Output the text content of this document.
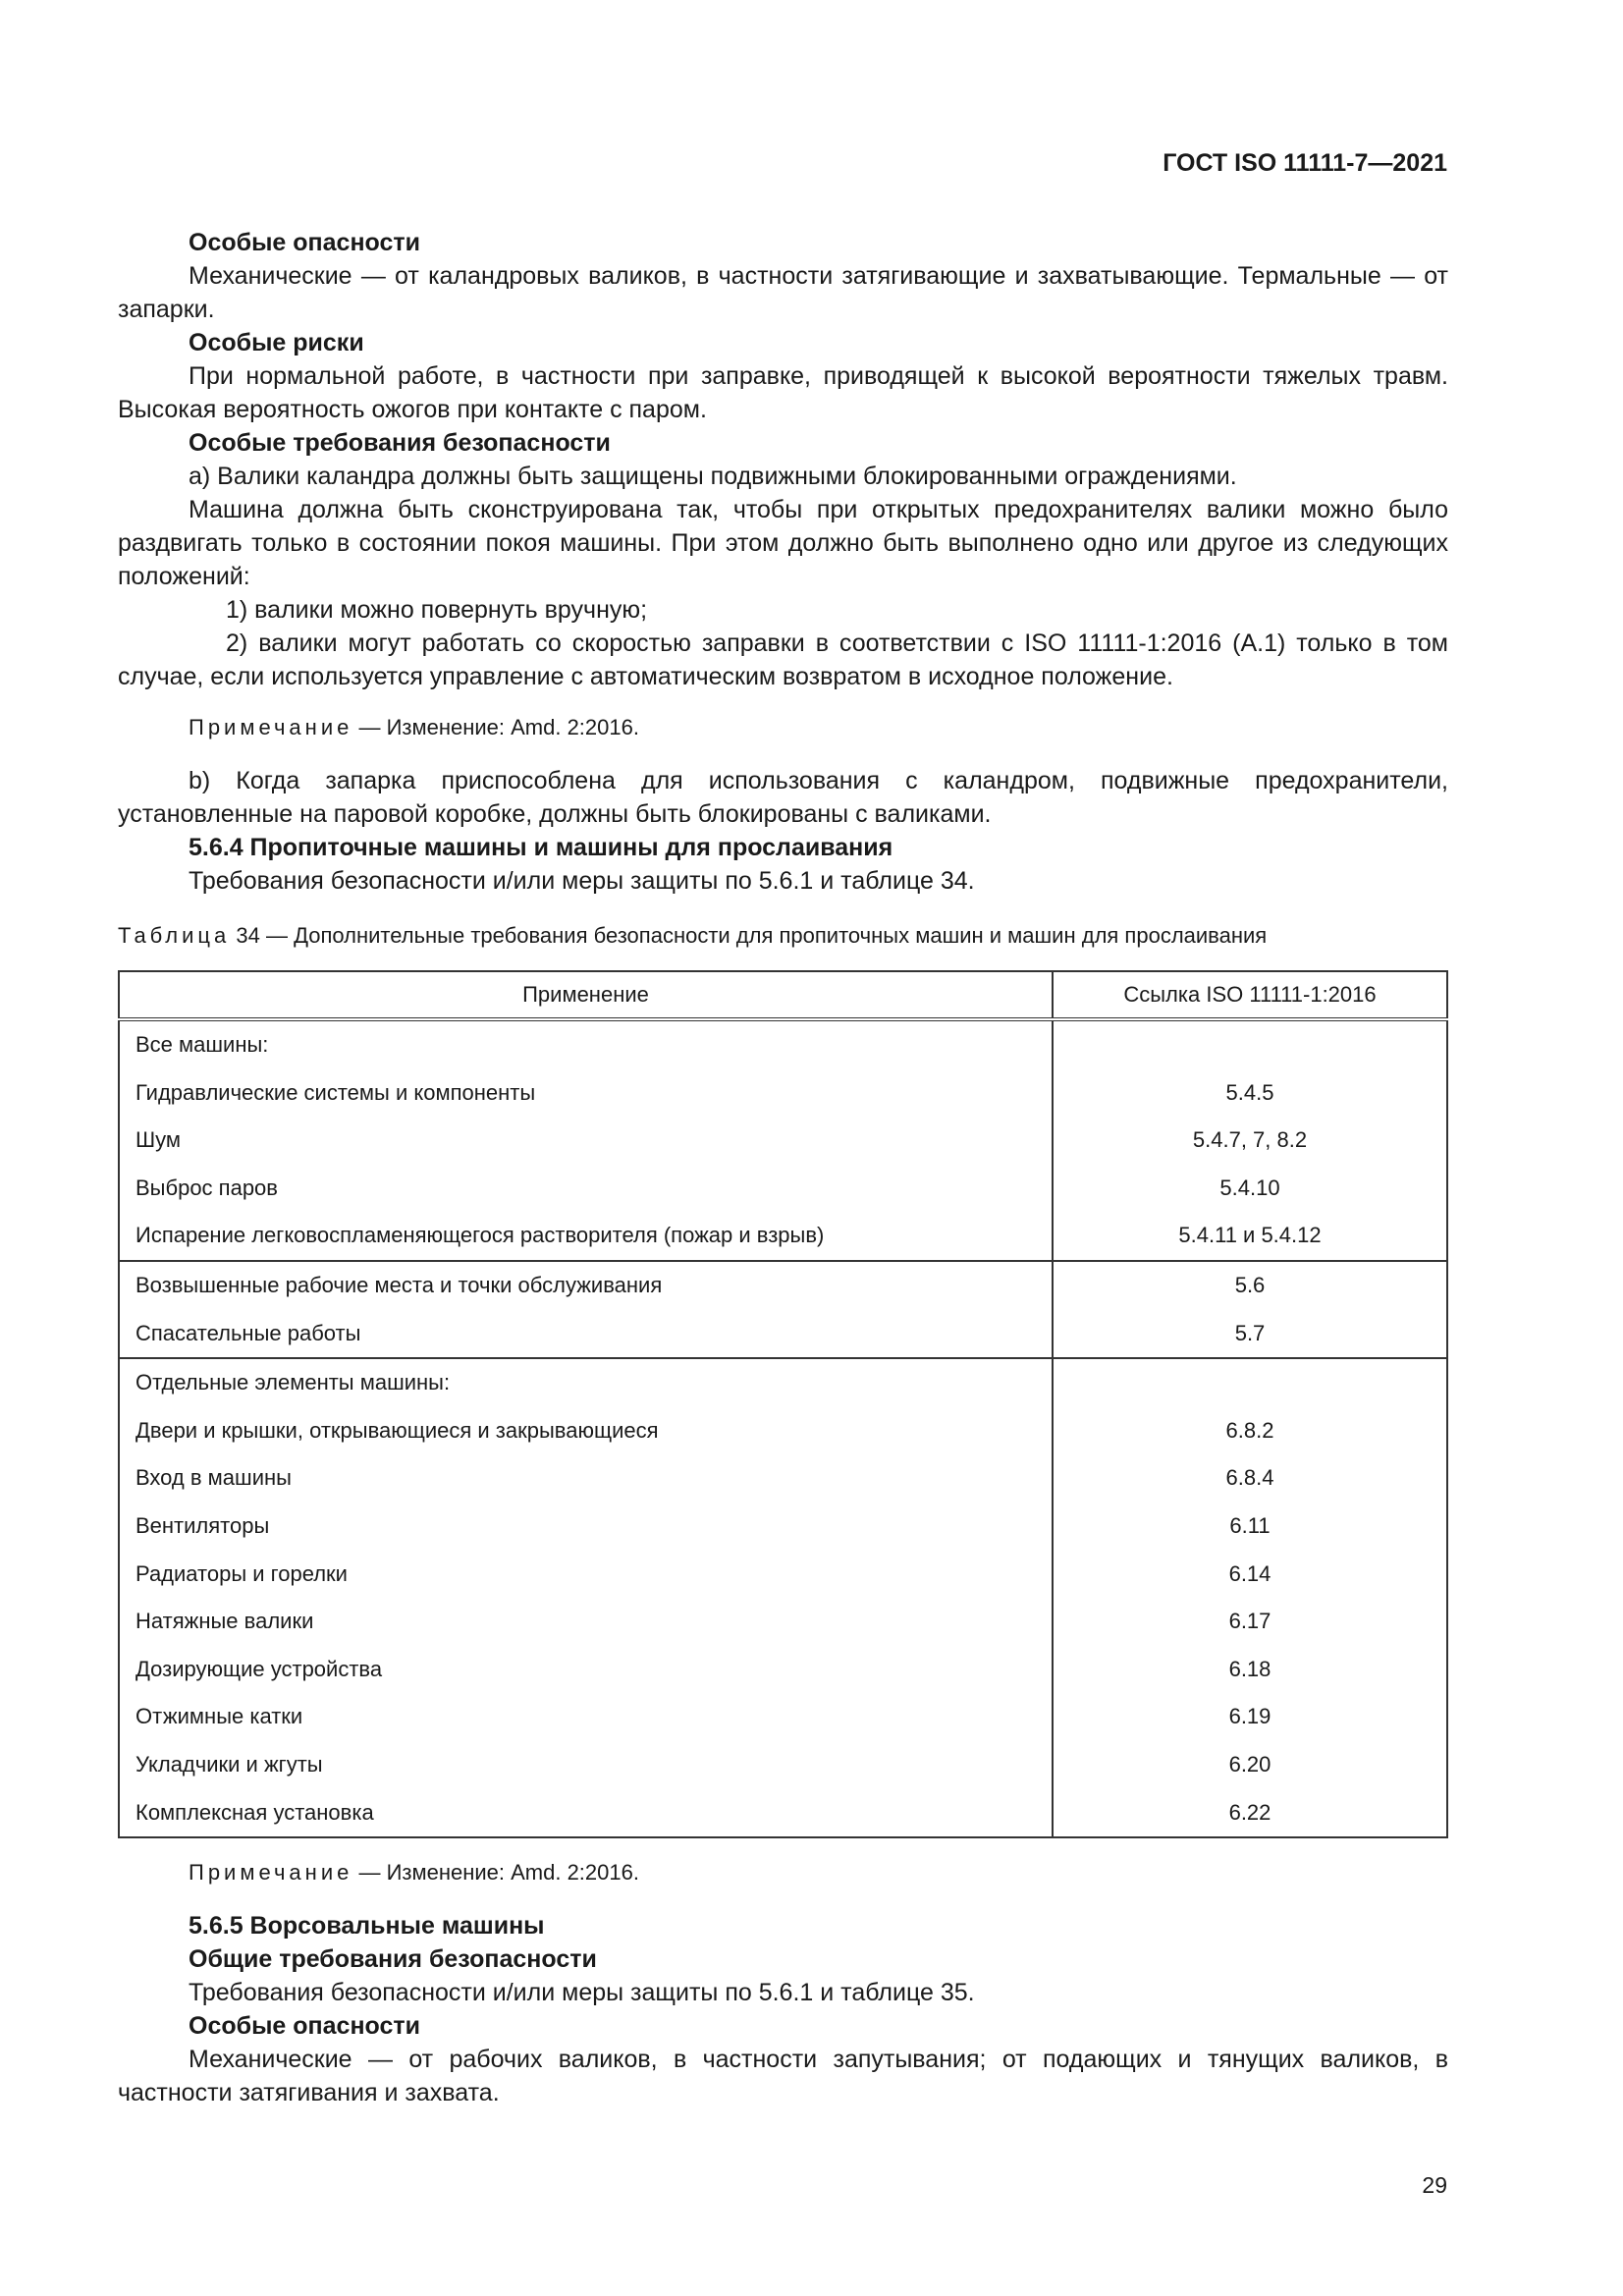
ГОСТ ISO 11111-7—2021

Особые опасности

Механические — от каландровых валиков, в частности затягивающие и захватывающие. Термальные — от запарки.

Особые риски

При нормальной работе, в частности при заправке, приводящей к высокой вероятности тяжелых травм. Высокая вероятность ожогов при контакте с паром.

Особые требования безопасности

а) Валики каландра должны быть защищены подвижными блокированными ограждениями.

Машина должна быть сконструирована так, чтобы при открытых предохранителях валики можно было раздвигать только в состоянии покоя машины. При этом должно быть выполнено одно или другое из следующих положений:

1) валики можно повернуть вручную;

2) валики могут работать со скоростью заправки в соответствии с ISO 11111-1:2016 (А.1) только в том случае, если используется управление с автоматическим возвратом в исходное положение.

Примечание — Изменение: Amd. 2:2016.

b) Когда запарка приспособлена для использования с каландром, подвижные предохранители, установленные на паровой коробке, должны быть блокированы с валиками.

5.6.4 Пропиточные машины и машины для прослаивания

Требования безопасности и/или меры защиты по 5.6.1 и таблице 34.

Таблица 34 — Дополнительные требования безопасности для пропиточных машин и машин для прослаивания

Применение	Ссылка ISO 11111-1:2016
Все машины:	
Гидравлические системы и компоненты	5.4.5
Шум	5.4.7, 7, 8.2
Выброс паров	5.4.10
Испарение легковоспламеняющегося растворителя (пожар и взрыв)	5.4.11 и 5.4.12
Возвышенные рабочие места и точки обслуживания	5.6
Спасательные работы	5.7
Отдельные элементы машины:	
Двери и крышки, открывающиеся и закрывающиеся	6.8.2
Вход в машины	6.8.4
Вентиляторы	6.11
Радиаторы и горелки	6.14
Натяжные валики	6.17
Дозирующие устройства	6.18
Отжимные катки	6.19
Укладчики и жгуты	6.20
Комплексная установка	6.22

Примечание — Изменение: Amd. 2:2016.

5.6.5 Ворсовальные машины

Общие требования безопасности

Требования безопасности и/или меры защиты по 5.6.1 и таблице 35.

Особые опасности

Механические — от рабочих валиков, в частности запутывания; от подающих и тянущих валиков, в частности затягивания и захвата.

29
